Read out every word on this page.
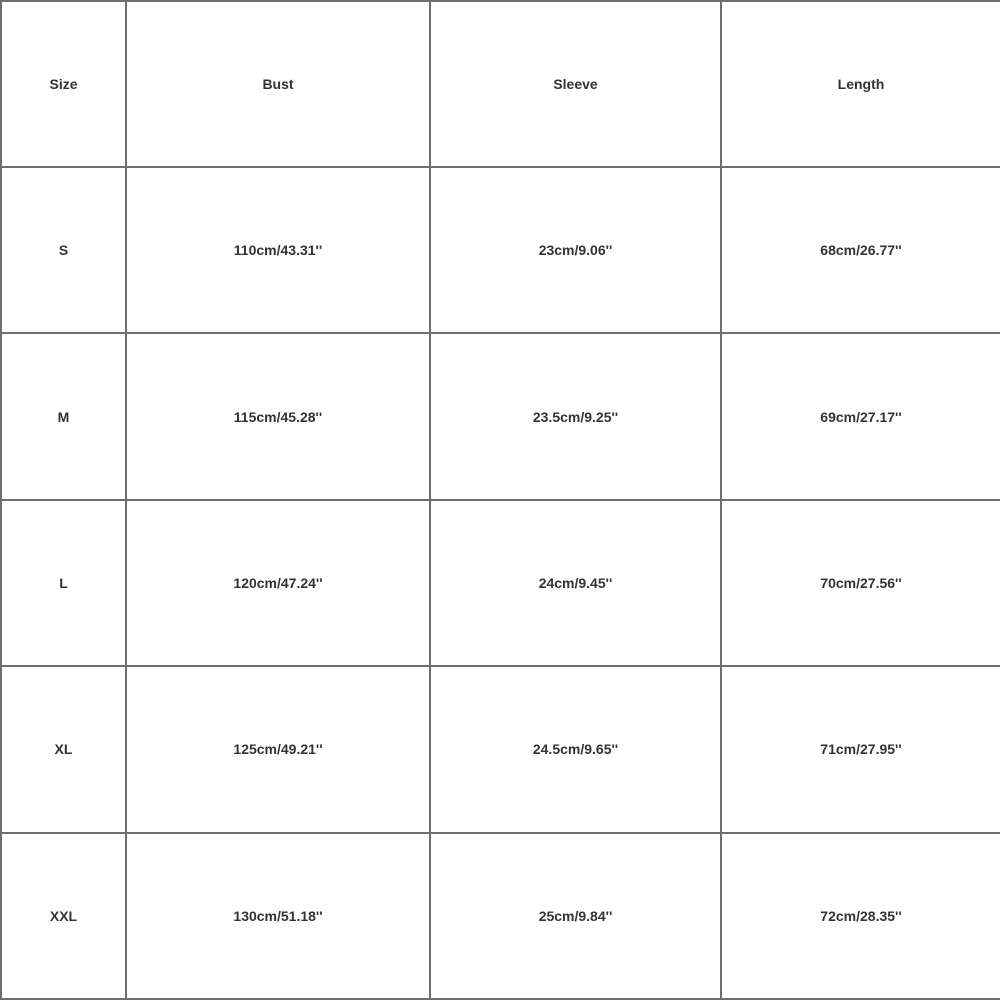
Size	Bust	Sleeve	Length
S	110cm/43.31''	23cm/9.06''	68cm/26.77''
M	115cm/45.28''	23.5cm/9.25''	69cm/27.17''
L	120cm/47.24''	24cm/9.45''	70cm/27.56''
XL	125cm/49.21''	24.5cm/9.65''	71cm/27.95''
XXL	130cm/51.18''	25cm/9.84''	72cm/28.35''
